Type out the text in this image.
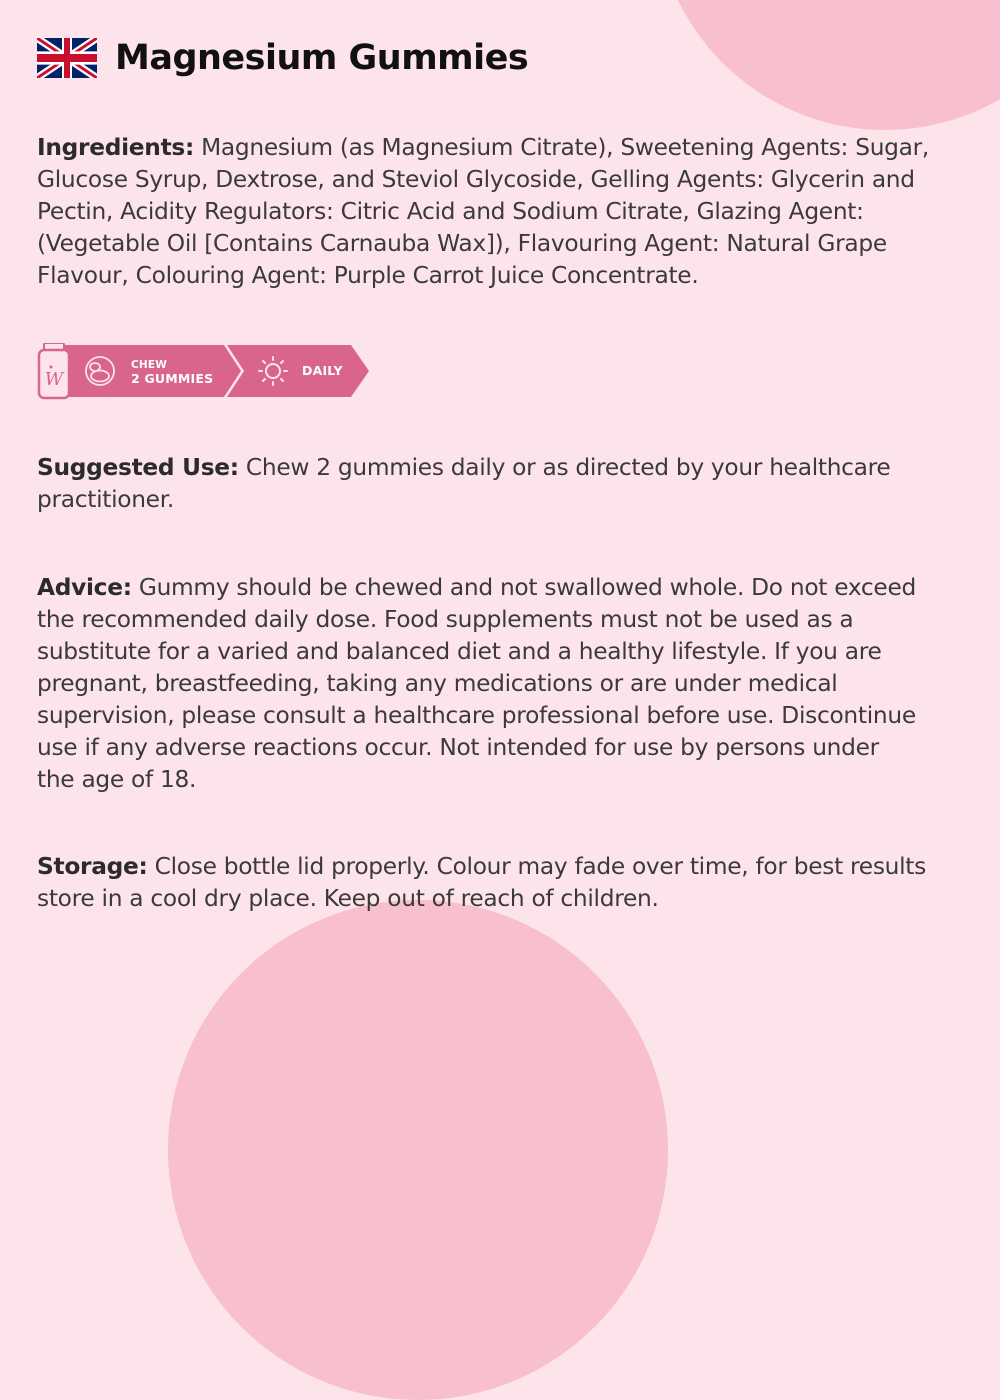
Magnesium Gummies

Ingredients: Magnesium (as Magnesium Citrate), Sweetening Agents: Sugar, Glucose Syrup, Dextrose, and Steviol Glycoside, Gelling Agents: Glycerin and Pectin, Acidity Regulators: Citric Acid and Sodium Citrate, Glazing Agent: (Vegetable Oil [Contains Carnauba Wax]), Flavouring Agent: Natural Grape Flavour, Colouring Agent: Purple Carrot Juice Concentrate.

W
CHEW
2 GUMMIES
DAILY

Suggested Use: Chew 2 gummies daily or as directed by your healthcare practitioner.

Advice: Gummy should be chewed and not swallowed whole. Do not exceed the recommended daily dose. Food supplements must not be used as a substitute for a varied and balanced diet and a healthy lifestyle. If you are pregnant, breastfeeding, taking any medications or are under medical supervision, please consult a healthcare professional before use. Discontinue use if any adverse reactions occur. Not intended for use by persons under the age of 18.

Storage: Close bottle lid properly. Colour may fade over time, for best results store in a cool dry place. Keep out of reach of children.
